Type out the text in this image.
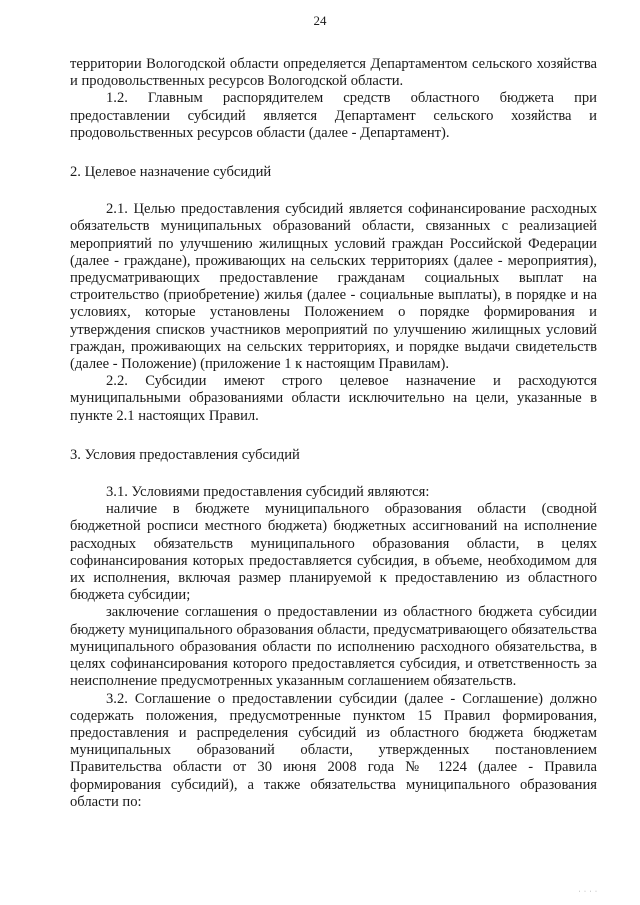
24

территории Вологодской области определяется Департаментом сельского хозяйства и продовольственных ресурсов Вологодской области.

1.2. Главным распорядителем средств областного бюджета при предоставлении субсидий является Департамент сельского хозяйства и продовольственных ресурсов области (далее - Департамент).

2. Целевое назначение субсидий

2.1. Целью предоставления субсидий является софинансирование расходных обязательств муниципальных образований области, связанных с реализацией мероприятий по улучшению жилищных условий граждан Российской Федерации (далее - граждане), проживающих на сельских территориях (далее - мероприятия), предусматривающих предоставление гражданам социальных выплат на строительство (приобретение) жилья (далее - социальные выплаты), в порядке и на условиях, которые установлены Положением о порядке формирования и утверждения списков участников мероприятий по улучшению жилищных условий граждан, проживающих на сельских территориях, и порядке выдачи свидетельств (далее - Положение) (приложение 1 к настоящим Правилам).

2.2. Субсидии имеют строго целевое назначение и расходуются муниципальными образованиями области исключительно на цели, указанные в пункте 2.1 настоящих Правил.

3. Условия предоставления субсидий

3.1. Условиями предоставления субсидий являются:

наличие в бюджете муниципального образования области (сводной бюджетной росписи местного бюджета) бюджетных ассигнований на исполнение расходных обязательств муниципального образования области, в целях софинансирования которых предоставляется субсидия, в объеме, необходимом для их исполнения, включая размер планируемой к предоставлению из областного бюджета субсидии;

заключение соглашения о предоставлении из областного бюджета субсидии бюджету муниципального образования области, предусматривающего обязательства муниципального образования области по исполнению расходного обязательства, в целях софинансирования которого предоставляется субсидия, и ответственность за неисполнение предусмотренных указанным соглашением обязательств.

3.2. Соглашение о предоставлении субсидии (далее - Соглашение) должно содержать положения, предусмотренные пунктом 15 Правил формирования, предоставления и распределения субсидий из областного бюджета бюджетам муниципальных образований области, утвержденных постановлением Правительства области от 30 июня 2008 года № 1224 (далее - Правила формирования субсидий), а также обязательства муниципального образования области по:

· · · ·
